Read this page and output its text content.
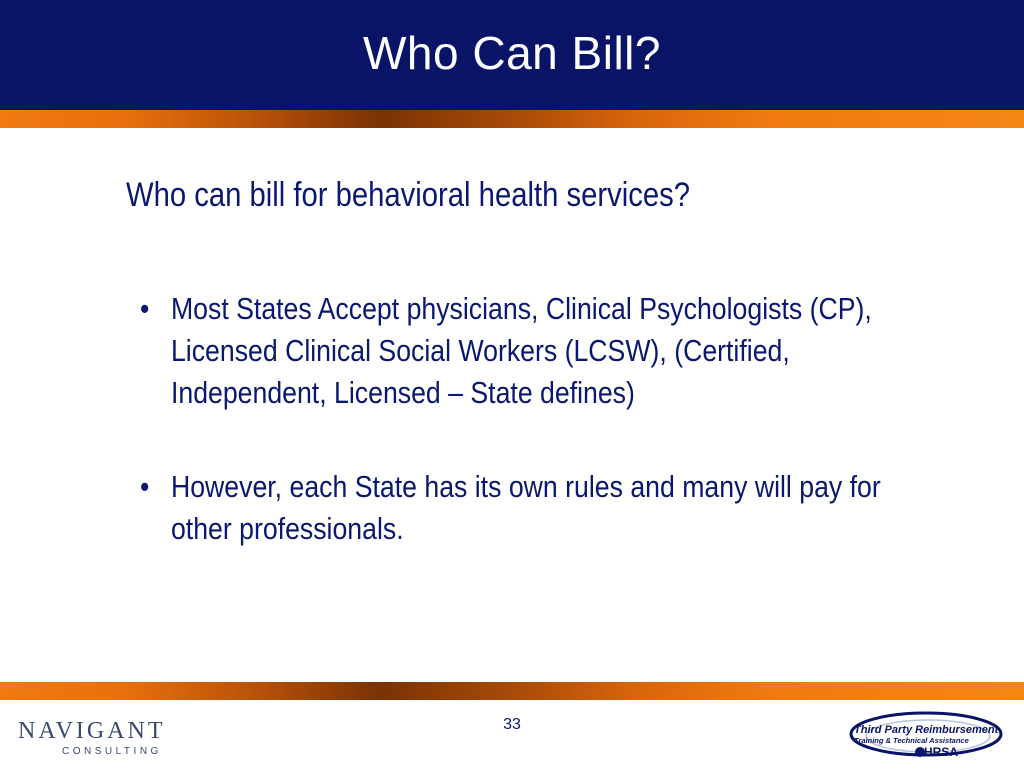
Who Can Bill?
Who can bill for behavioral health services?
• Most States Accept physicians, Clinical Psychologists (CP), Licensed Clinical Social Workers (LCSW), (Certified, Independent, Licensed – State defines)
• However, each State has its own rules and many will pay for other professionals.
NAVIGANT
CONSULTING
33	Third Party Reimbursement
Training & Technical Assistance
HRSA
